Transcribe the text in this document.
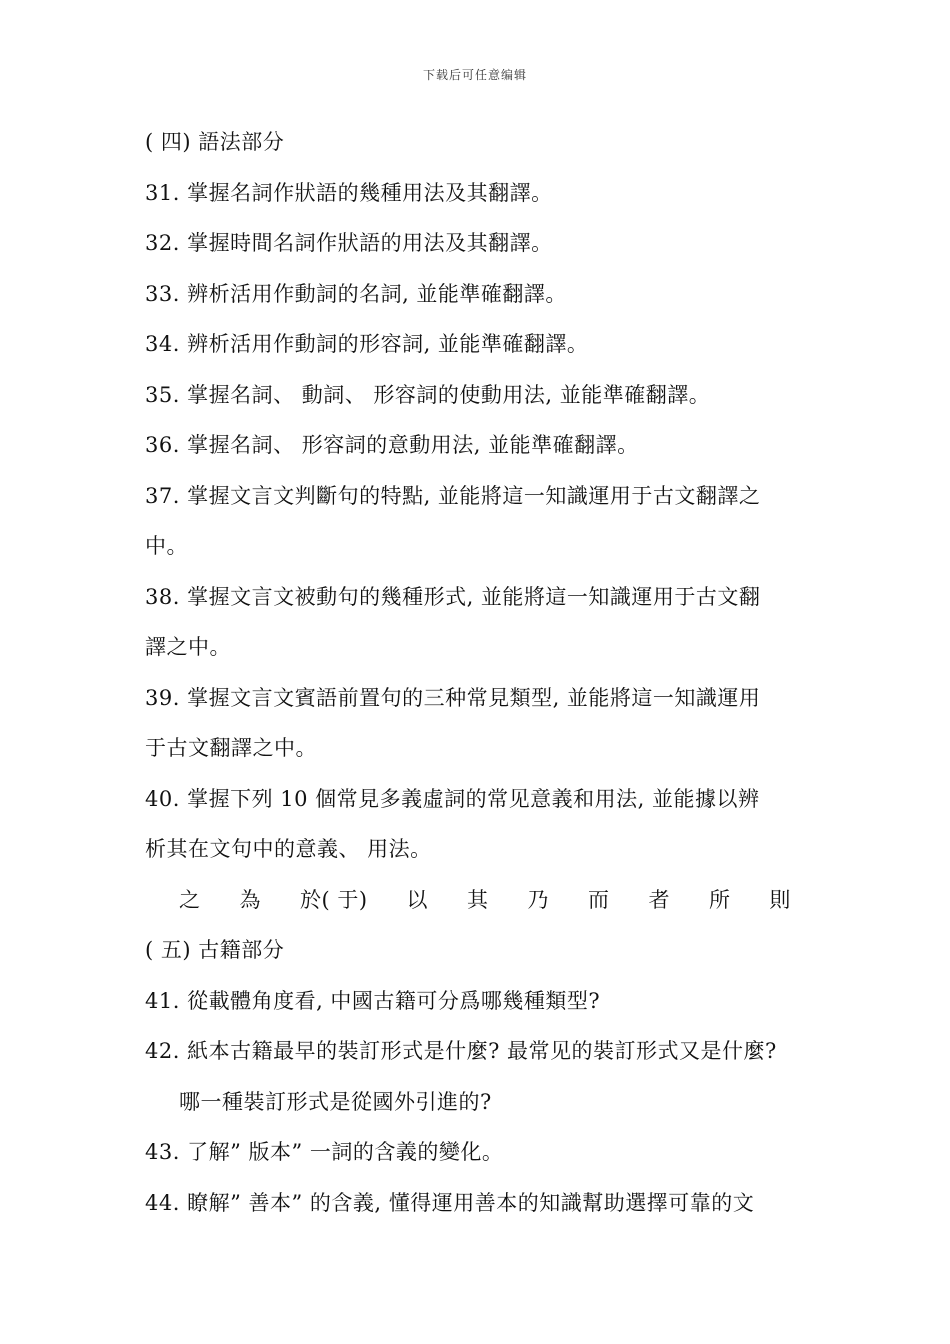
下载后可任意编辑
( 四) 語法部分
31. 掌握名詞作狀語的幾種用法及其翻譯。
32. 掌握時間名詞作狀語的用法及其翻譯。
33. 辨析活用作動詞的名詞, 並能準確翻譯。
34. 辨析活用作動詞的形容詞, 並能準確翻譯。
35. 掌握名詞、 動詞、 形容詞的使動用法, 並能準確翻譯。
36. 掌握名詞、 形容詞的意動用法, 並能準確翻譯。
37. 掌握文言文判斷句的特點, 並能將這一知識運用于古文翻譯之
中。
38. 掌握文言文被動句的幾種形式, 並能將這一知識運用于古文翻
譯之中。
39. 掌握文言文賓語前置句的三种常見類型, 並能將這一知識運用
于古文翻譯之中。
40. 掌握下列 10 個常見多義虛詞的常见意義和用法, 並能據以辨
析其在文句中的意義、 用法。
之 為 於( 于) 以 其 乃 而 者 所 則
( 五) 古籍部分
41. 從載體角度看, 中國古籍可分爲哪幾種類型?
42. 紙本古籍最早的裝訂形式是什麼? 最常见的裝訂形式又是什麼?
哪一種裝訂形式是從國外引進的?
43. 了解” 版本” 一詞的含義的變化。
44. 瞭解” 善本” 的含義, 懂得運用善本的知識幫助選擇可靠的文
